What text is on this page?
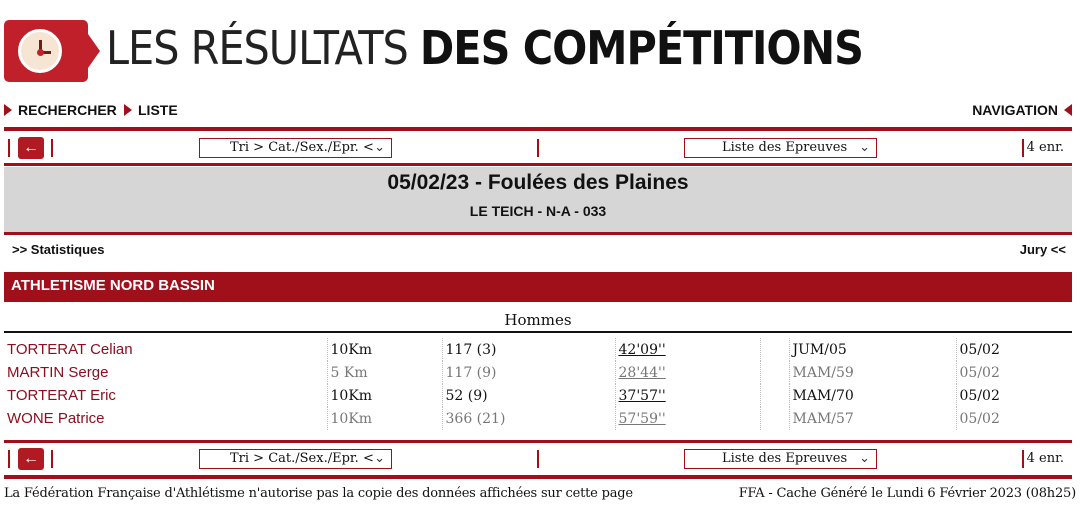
LES RÉSULTATS DES COMPÉTITIONS
RECHERCHER LISTE	NAVIGATION
←	Tri > Cat./Sex./Epr. < ⌄	Liste des Epreuves ⌄	4 enr.
05/02/23 - Foulées des Plaines
LE TEICH - N-A - 033
>> Statistiques	Jury <<
ATHLETISME NORD BASSIN
Hommes
TORTERAT Celian	10Km	117 (3)	42'09''		JUM/05	05/02
MARTIN Serge	5 Km	117 (9)	28'44''		MAM/59	05/02
TORTERAT Eric	10Km	52 (9)	37'57''		MAM/70	05/02
WONE Patrice	10Km	366 (21)	57'59''		MAM/57	05/02
←	Tri > Cat./Sex./Epr. < ⌄	Liste des Epreuves ⌄	4 enr.
La Fédération Française d'Athlétisme n'autorise pas la copie des données affichées sur cette page	FFA - Cache Généré le Lundi 6 Février 2023 (08h25)
